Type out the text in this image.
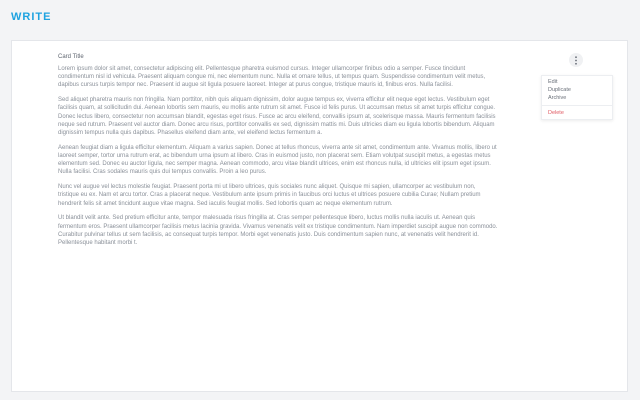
WRITE
Card Title

Lorem ipsum dolor sit amet, consectetur adipiscing elit. Pellentesque pharetra euismod cursus. Integer ullamcorper finibus odio a semper. Fusce tincidunt condimentum nisl id vehicula. Praesent aliquam congue mi, nec elementum nunc. Nulla et ornare tellus, ut tempus quam. Suspendisse condimentum velit metus, dapibus cursus turpis tempor nec. Praesent id augue sit ligula posuere laoreet. Integer at purus congue, tristique mauris id, finibus eros. Nulla facilisi.

Sed aliquet pharetra mauris non fringilla. Nam porttitor, nibh quis aliquam dignissim, dolor augue tempus ex, viverra efficitur elit neque eget lectus. Vestibulum eget facilisis quam, at sollicitudin dui. Aenean lobortis sem mauris, eu mollis ante rutrum sit amet. Fusce id felis purus. Ut accumsan metus sit amet turpis efficitur congue. Donec lectus libero, consectetur non accumsan blandit, egestas eget risus. Fusce ac arcu eleifend, convallis ipsum at, scelerisque massa. Mauris fermentum facilisis neque sed rutrum. Praesent vel auctor diam. Donec arcu risus, porttitor convallis ex sed, dignissim mattis mi. Duis ultricies diam eu ligula lobortis bibendum. Aliquam dignissim tempus nulla quis dapibus. Phasellus eleifend diam ante, vel eleifend lectus fermentum a.

Aenean feugiat diam a ligula efficitur elementum. Aliquam a varius sapien. Donec at tellus rhoncus, viverra ante sit amet, condimentum ante. Vivamus mollis, libero ut laoreet semper, tortor urna rutrum erat, ac bibendum urna ipsum at libero. Cras in euismod justo, non placerat sem. Etiam volutpat suscipit metus, a egestas metus elementum sed. Donec eu auctor ligula, nec semper magna. Aenean commodo, arcu vitae blandit ultrices, enim est rhoncus nulla, id ultricies elit ipsum eget ipsum. Nulla facilisi. Cras sodales mauris quis dui tempus convallis. Proin a leo purus.

Nunc vel augue vel lectus molestie feugiat. Praesent porta mi ut libero ultrices, quis sociales nunc aliquet. Quisque mi sapien, ullamcorper ac vestibulum non, tristique eu ex. Nam et arcu tortor. Cras a placerat neque. Vestibulum ante ipsum primis in faucibus orci luctus et ultrices posuere cubilia Curae; Nullam pretium hendrerit felis sit amet tincidunt augue vitae magna. Sed iaculis feugiat mollis. Sed lobortis quam ac neque elementum rutrum.

Ut blandit velit ante. Sed pretium efficitur ante, tempor malesuada risus fringilla at. Cras semper pellentesque libero, luctus mollis nulla iaculis ut. Aenean quis fermentum eros. Praesent ullamcorper facilisis metus lacinia gravida. Vivamus venenatis velit ex tristique condimentum. Nam imperdiet suscipit augue non commodo. Curabitur pulvinar tellus ut sem facilisis, ac consequat turpis tempor. Morbi eget venenatis justo. Duis condimentum sapien nunc, at venenatis velit hendrerit id. Pellentesque habitant morbi t.

Edit
Duplicate
Archive
Delete
